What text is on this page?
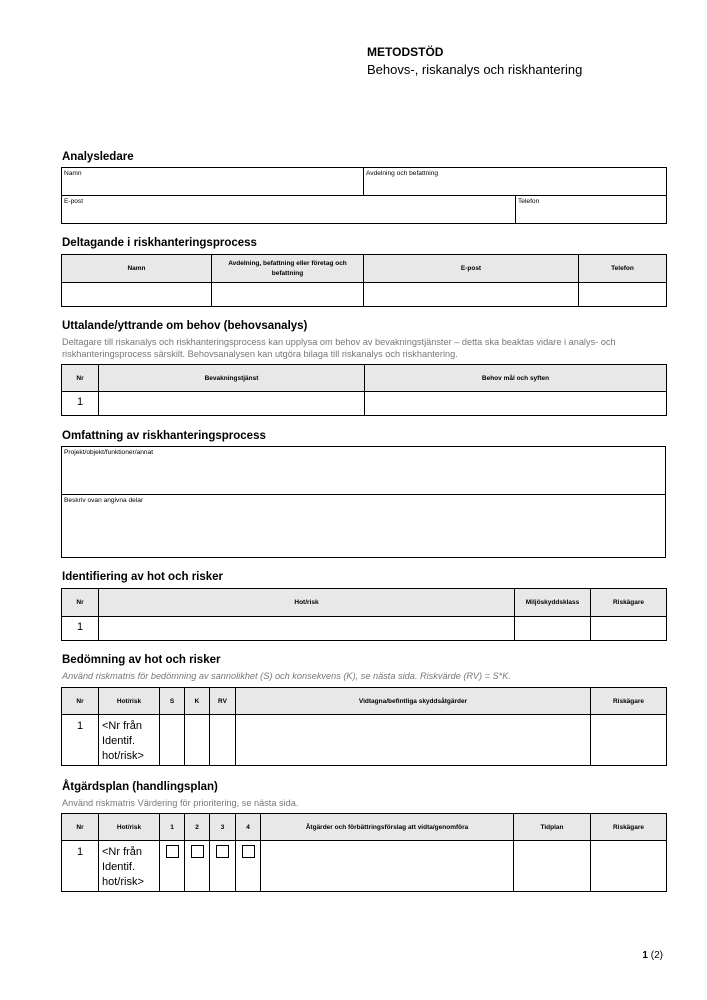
METODSTÖD
Behovs-, riskanalys och riskhantering
Analysledare
Namn	Avdelning och befattning	
E-post		Telefon
Deltagande i riskhanteringsprocess
Namn	Avdelning, befattning eller företag och befattning	E-post	Telefon

Uttalande/yttrande om behov (behovsanalys)
Deltagare till riskanalys och riskhanteringsprocess kan upplysa om behov av bevakningstjänster – detta ska beaktas vidare i analys- och riskhanteringsprocess särskilt. Behovsanalysen kan utgöra bilaga till riskanalys och riskhantering.
Nr	Bevakningstjänst	Behov mål och syften
1		
Omfattning av riskhanteringsprocess
Projekt/objekt/funktioner/annat
Beskriv ovan angivna delar
Identifiering av hot och risker
Nr	Hot/risk	Miljöskyddsklass	Riskägare
1			
Bedömning av hot och risker
Använd riskmatris för bedömning av sannolikhet (S) och konsekvens (K), se nästa sida. Riskvärde (RV) = S*K.
Nr	Hot/risk	S	K	RV	Vidtagna/befintliga skyddsåtgärder	Riskägare
1	<Nr från Identif. hot/risk>					
Åtgärdsplan (handlingsplan)
Använd riskmatris Värdering för prioritering, se nästa sida.
Nr	Hot/risk	1	2	3	4	Åtgärder och förbättringsförslag att vidta/genomföra	Tidplan	Riskägare
1	<Nr från Identif. hot/risk>							
1 (2)
